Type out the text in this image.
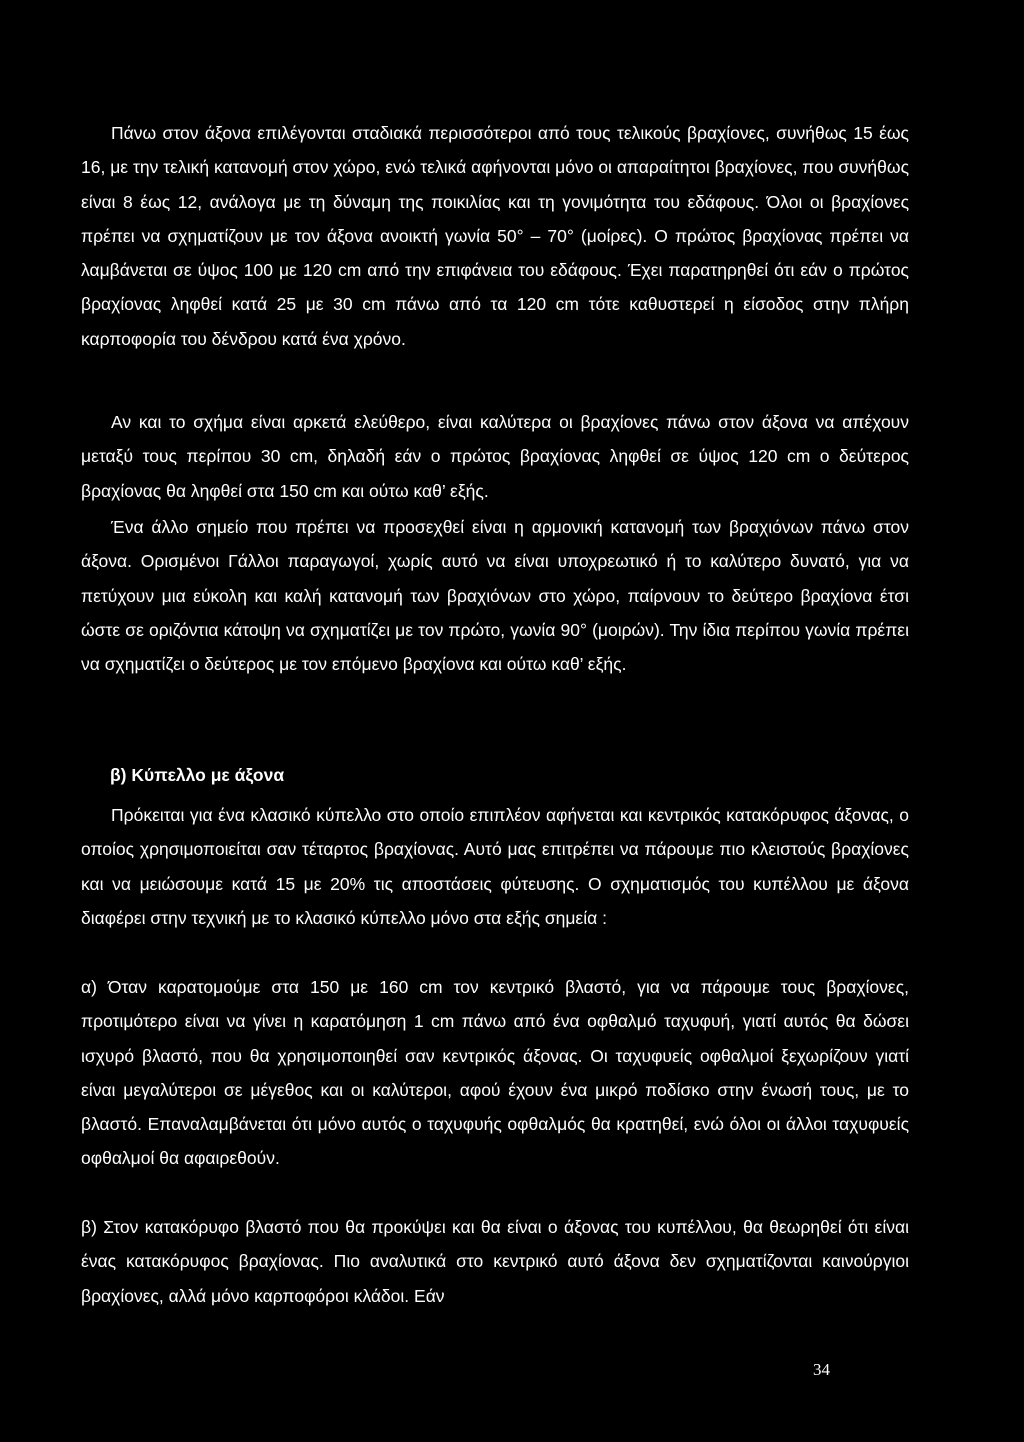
Πάνω στον άξονα επιλέγονται σταδιακά περισσότεροι από τους τελικούς βραχίονες, συνήθως 15 έως 16, με την τελική κατανομή στον χώρο, ενώ τελικά αφήνονται μόνο οι απαραίτητοι βραχίονες, που συνήθως είναι 8 έως 12, ανάλογα με τη δύναμη της ποικιλίας και τη γονιμότητα του εδάφους. Όλοι οι βραχίονες πρέπει να σχηματίζουν με τον άξονα ανοικτή γωνία 50° – 70° (μοίρες). Ο πρώτος βραχίονας πρέπει να λαμβάνεται σε ύψος 100 με 120 cm από την επιφάνεια του εδάφους. Έχει παρατηρηθεί ότι εάν ο πρώτος βραχίονας ληφθεί κατά 25 με 30 cm πάνω από τα 120 cm τότε καθυστερεί η είσοδος στην πλήρη καρποφορία του δένδρου κατά ένα χρόνο.

Αν και το σχήμα είναι αρκετά ελεύθερο, είναι καλύτερα οι βραχίονες πάνω στον άξονα να απέχουν μεταξύ τους περίπου 30 cm, δηλαδή εάν ο πρώτος βραχίονας ληφθεί σε ύψος 120 cm ο δεύτερος βραχίονας θα ληφθεί στα 150 cm και ούτω καθ’ εξής.

Ένα άλλο σημείο που πρέπει να προσεχθεί είναι η αρμονική κατανομή των βραχιόνων πάνω στον άξονα. Ορισμένοι Γάλλοι παραγωγοί, χωρίς αυτό να είναι υποχρεωτικό ή το καλύτερο δυνατό, για να πετύχουν μια εύκολη και καλή κατανομή των βραχιόνων στο χώρο, παίρνουν το δεύτερο βραχίονα έτσι ώστε σε οριζόντια κάτοψη να σχηματίζει με τον πρώτο, γωνία 90° (μοιρών). Την ίδια περίπου γωνία πρέπει να σχηματίζει ο δεύτερος με τον επόμενο βραχίονα και ούτω καθ’ εξής.

β) Κύπελλο με άξονα

Πρόκειται για ένα κλασικό κύπελλο στο οποίο επιπλέον αφήνεται και κεντρικός κατακόρυφος άξονας, ο οποίος χρησιμοποιείται σαν τέταρτος βραχίονας. Αυτό μας επιτρέπει να πάρουμε πιο κλειστούς βραχίονες και να μειώσουμε κατά 15 με 20% τις αποστάσεις φύτευσης. Ο σχηματισμός του κυπέλλου με άξονα διαφέρει στην τεχνική με το κλασικό κύπελλο μόνο στα εξής σημεία :

α) Όταν καρατομούμε στα 150 με 160 cm τον κεντρικό βλαστό, για να πάρουμε τους βραχίονες, προτιμότερο είναι να γίνει η καρατόμηση 1 cm πάνω από ένα οφθαλμό ταχυφυή, γιατί αυτός θα δώσει ισχυρό βλαστό, που θα χρησιμοποιηθεί σαν κεντρικός άξονας. Οι ταχυφυείς οφθαλμοί ξεχωρίζουν γιατί είναι μεγαλύτεροι σε μέγεθος και οι καλύτεροι, αφού έχουν ένα μικρό ποδίσκο στην ένωσή τους, με το βλαστό. Επαναλαμβάνεται ότι μόνο αυτός ο ταχυφυής οφθαλμός θα κρατηθεί, ενώ όλοι οι άλλοι ταχυφυείς οφθαλμοί θα αφαιρεθούν.

β) Στον κατακόρυφο βλαστό που θα προκύψει και θα είναι ο άξονας του κυπέλλου, θα θεωρηθεί ότι είναι ένας κατακόρυφος βραχίονας. Πιο αναλυτικά στο κεντρικό αυτό άξονα δεν σχηματίζονται καινούργιοι βραχίονες, αλλά μόνο καρποφόροι κλάδοι. Εάν

34
